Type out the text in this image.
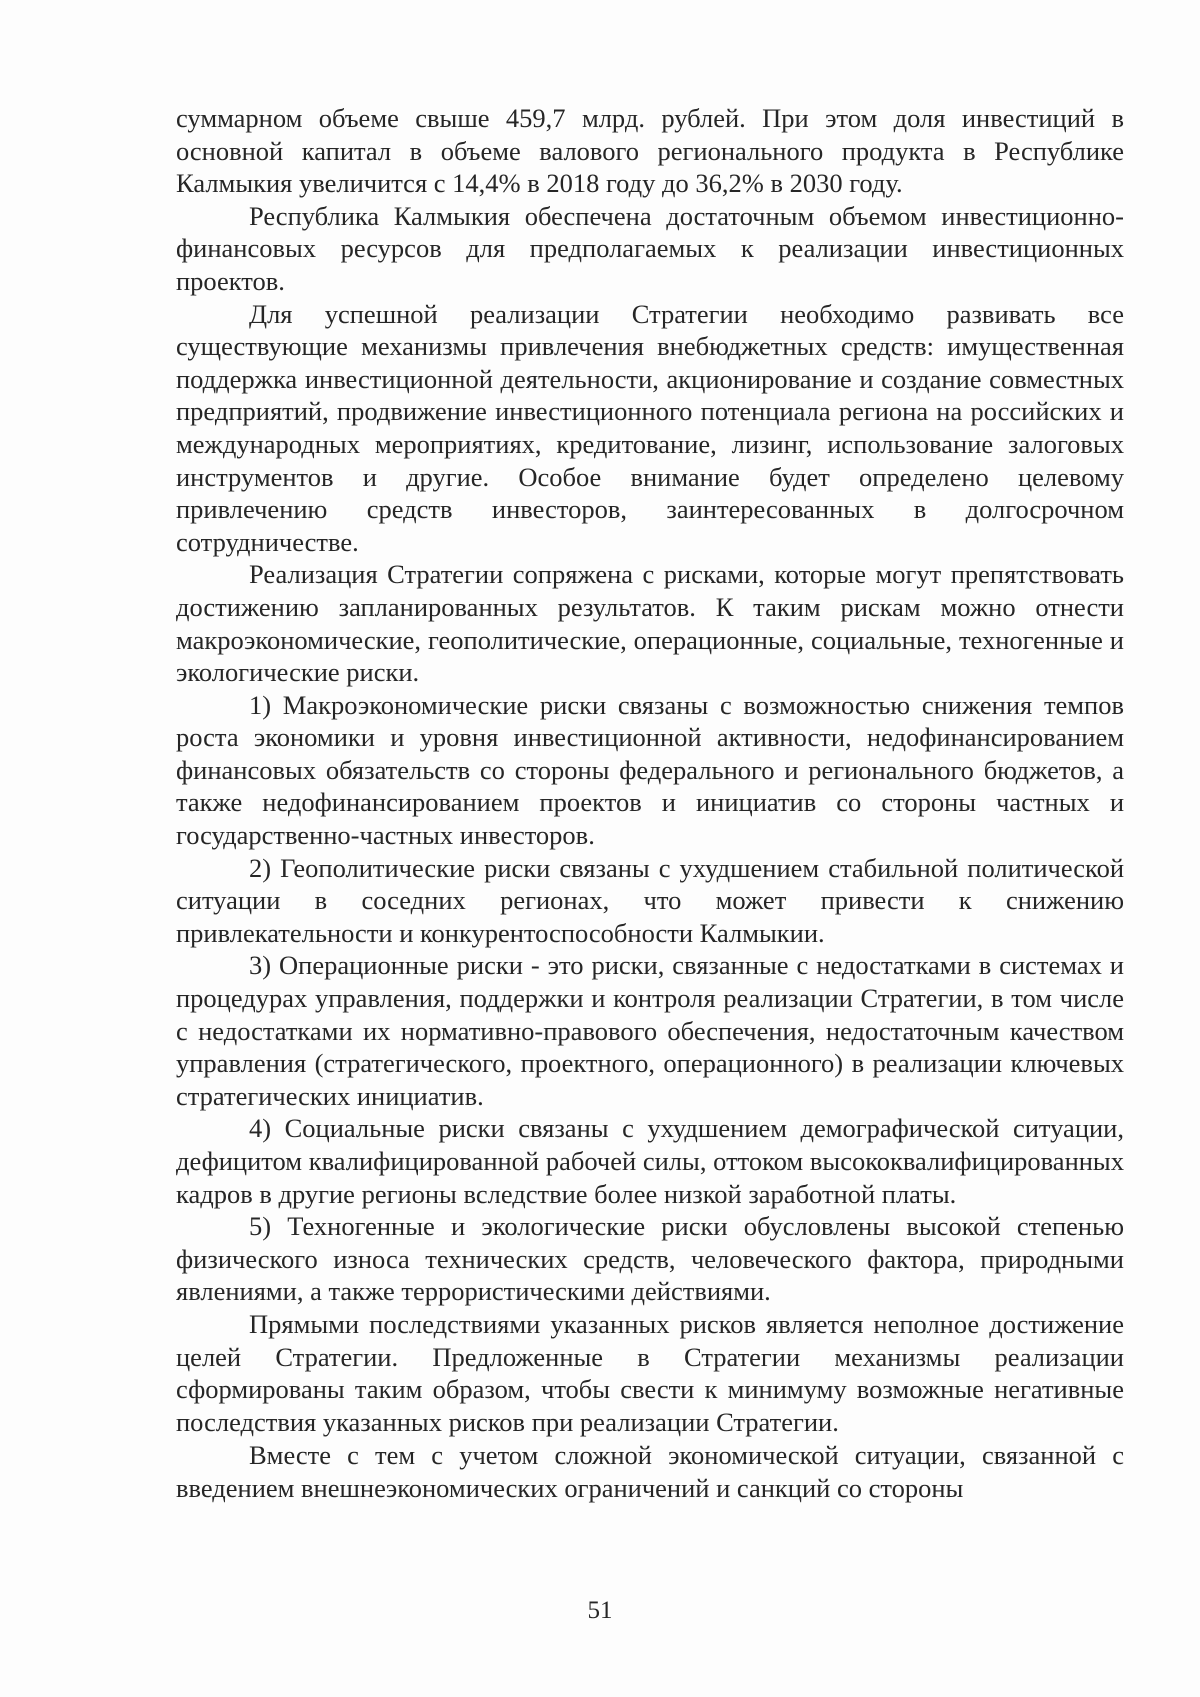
суммарном объеме свыше 459,7 млрд. рублей. При этом доля инвестиций в основной капитал в объеме валового регионального продукта в Республике Калмыкия увеличится с 14,4% в 2018 году до 36,2% в 2030 году.

Республика Калмыкия обеспечена достаточным объемом инвестиционно-финансовых ресурсов для предполагаемых к реализации инвестиционных проектов.

Для успешной реализации Стратегии необходимо развивать все существующие механизмы привлечения внебюджетных средств: имущественная поддержка инвестиционной деятельности, акционирование и создание совместных предприятий, продвижение инвестиционного потенциала региона на российских и международных мероприятиях, кредитование, лизинг, использование залоговых инструментов и другие. Особое внимание будет определено целевому привлечению средств инвесторов, заинтересованных в долгосрочном сотрудничестве.

Реализация Стратегии сопряжена с рисками, которые могут препятствовать достижению запланированных результатов. К таким рискам можно отнести макроэкономические, геополитические, операционные, социальные, техногенные и экологические риски.

1) Макроэкономические риски связаны с возможностью снижения темпов роста экономики и уровня инвестиционной активности, недофинансированием финансовых обязательств со стороны федерального и регионального бюджетов, а также недофинансированием проектов и инициатив со стороны частных и государственно-частных инвесторов.

2) Геополитические риски связаны с ухудшением стабильной политической ситуации в соседних регионах, что может привести к снижению привлекательности и конкурентоспособности Калмыкии.

3) Операционные риски - это риски, связанные с недостатками в системах и процедурах управления, поддержки и контроля реализации Стратегии, в том числе с недостатками их нормативно-правового обеспечения, недостаточным качеством управления (стратегического, проектного, операционного) в реализации ключевых стратегических инициатив.

4) Социальные риски связаны с ухудшением демографической ситуации, дефицитом квалифицированной рабочей силы, оттоком высококвалифицированных кадров в другие регионы вследствие более низкой заработной платы.

5) Техногенные и экологические риски обусловлены высокой степенью физического износа технических средств, человеческого фактора, природными явлениями, а также террористическими действиями.

Прямыми последствиями указанных рисков является неполное достижение целей Стратегии. Предложенные в Стратегии механизмы реализации сформированы таким образом, чтобы свести к минимуму возможные негативные последствия указанных рисков при реализации Стратегии.

Вместе с тем с учетом сложной экономической ситуации, связанной с введением внешнеэкономических ограничений и санкций со стороны

51
